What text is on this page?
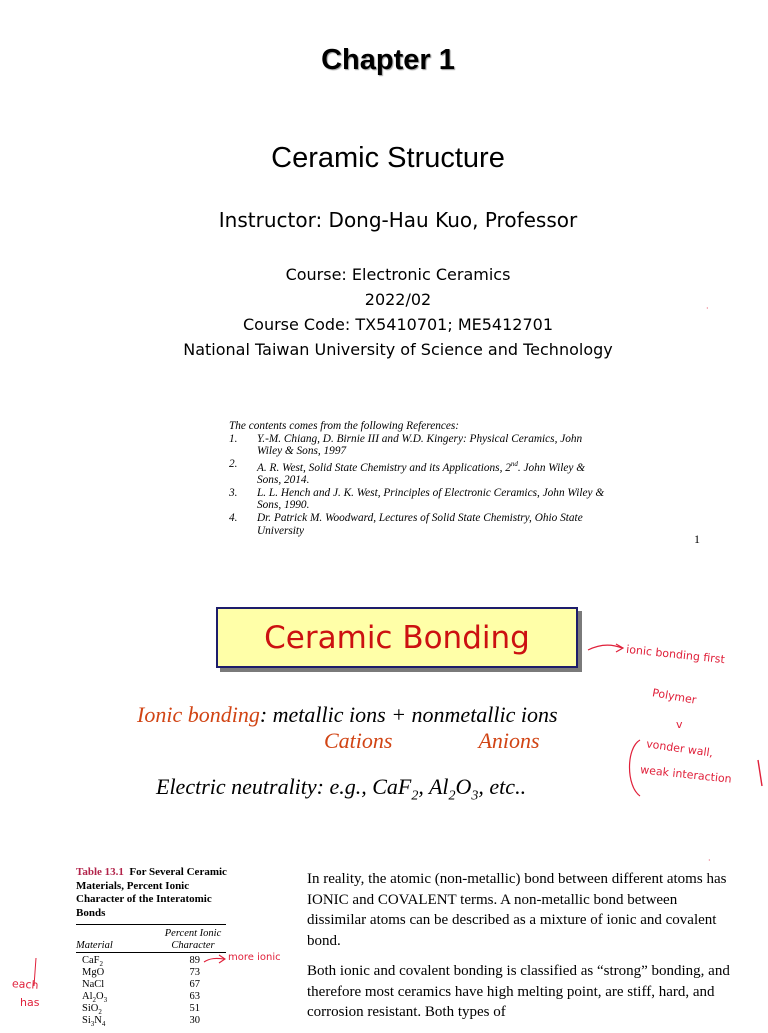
Chapter 1
Ceramic Structure
Instructor: Dong-Hau Kuo, Professor
Course: Electronic Ceramics
2022/02
Course Code: TX5410701; ME5412701
National Taiwan University of Science and Technology
The contents comes from the following References:
1. Y.-M. Chiang, D. Birnie III and W.D. Kingery: Physical Ceramics, John Wiley & Sons, 1997
2. A. R. West, Solid State Chemistry and its Applications, 2nd. John Wiley & Sons, 2014.
3. L. L. Hench and J. K. West, Principles of Electronic Ceramics, John Wiley & Sons, 1990.
4. Dr. Patrick M. Woodward, Lectures of Solid State Chemistry, Ohio State University
1
·
Ceramic Bonding
Ionic bonding: metallic ions + nonmetallic ions
Cations	Anions
Electric neutrality: e.g., CaF$_2$, $Al_2O_3$, etc..
ionic bonding first
Polymer
v
vonder wall,
weak interaction
·
Table 13.1 For Several Ceramic Materials, Percent Ionic Character of the Interatomic Bonds
Percent Ionic
Material	Character
CaF$_2$	89
MgO	73
NaCl	67
$Al_2O_3$	63
SiO$_2$	51
$Si_3N_4$	30
more ionic
each
has

In reality, the atomic (non-metallic) bond between different atoms has IONIC and COVALENT terms. A non-metallic bond between dissimilar atoms can be described as a mixture of ionic and covalent bond.

Both ionic and covalent bonding is classified as “strong” bonding, and therefore most ceramics have high melting point, are stiff, hard, and corrosion resistant. Both types of
